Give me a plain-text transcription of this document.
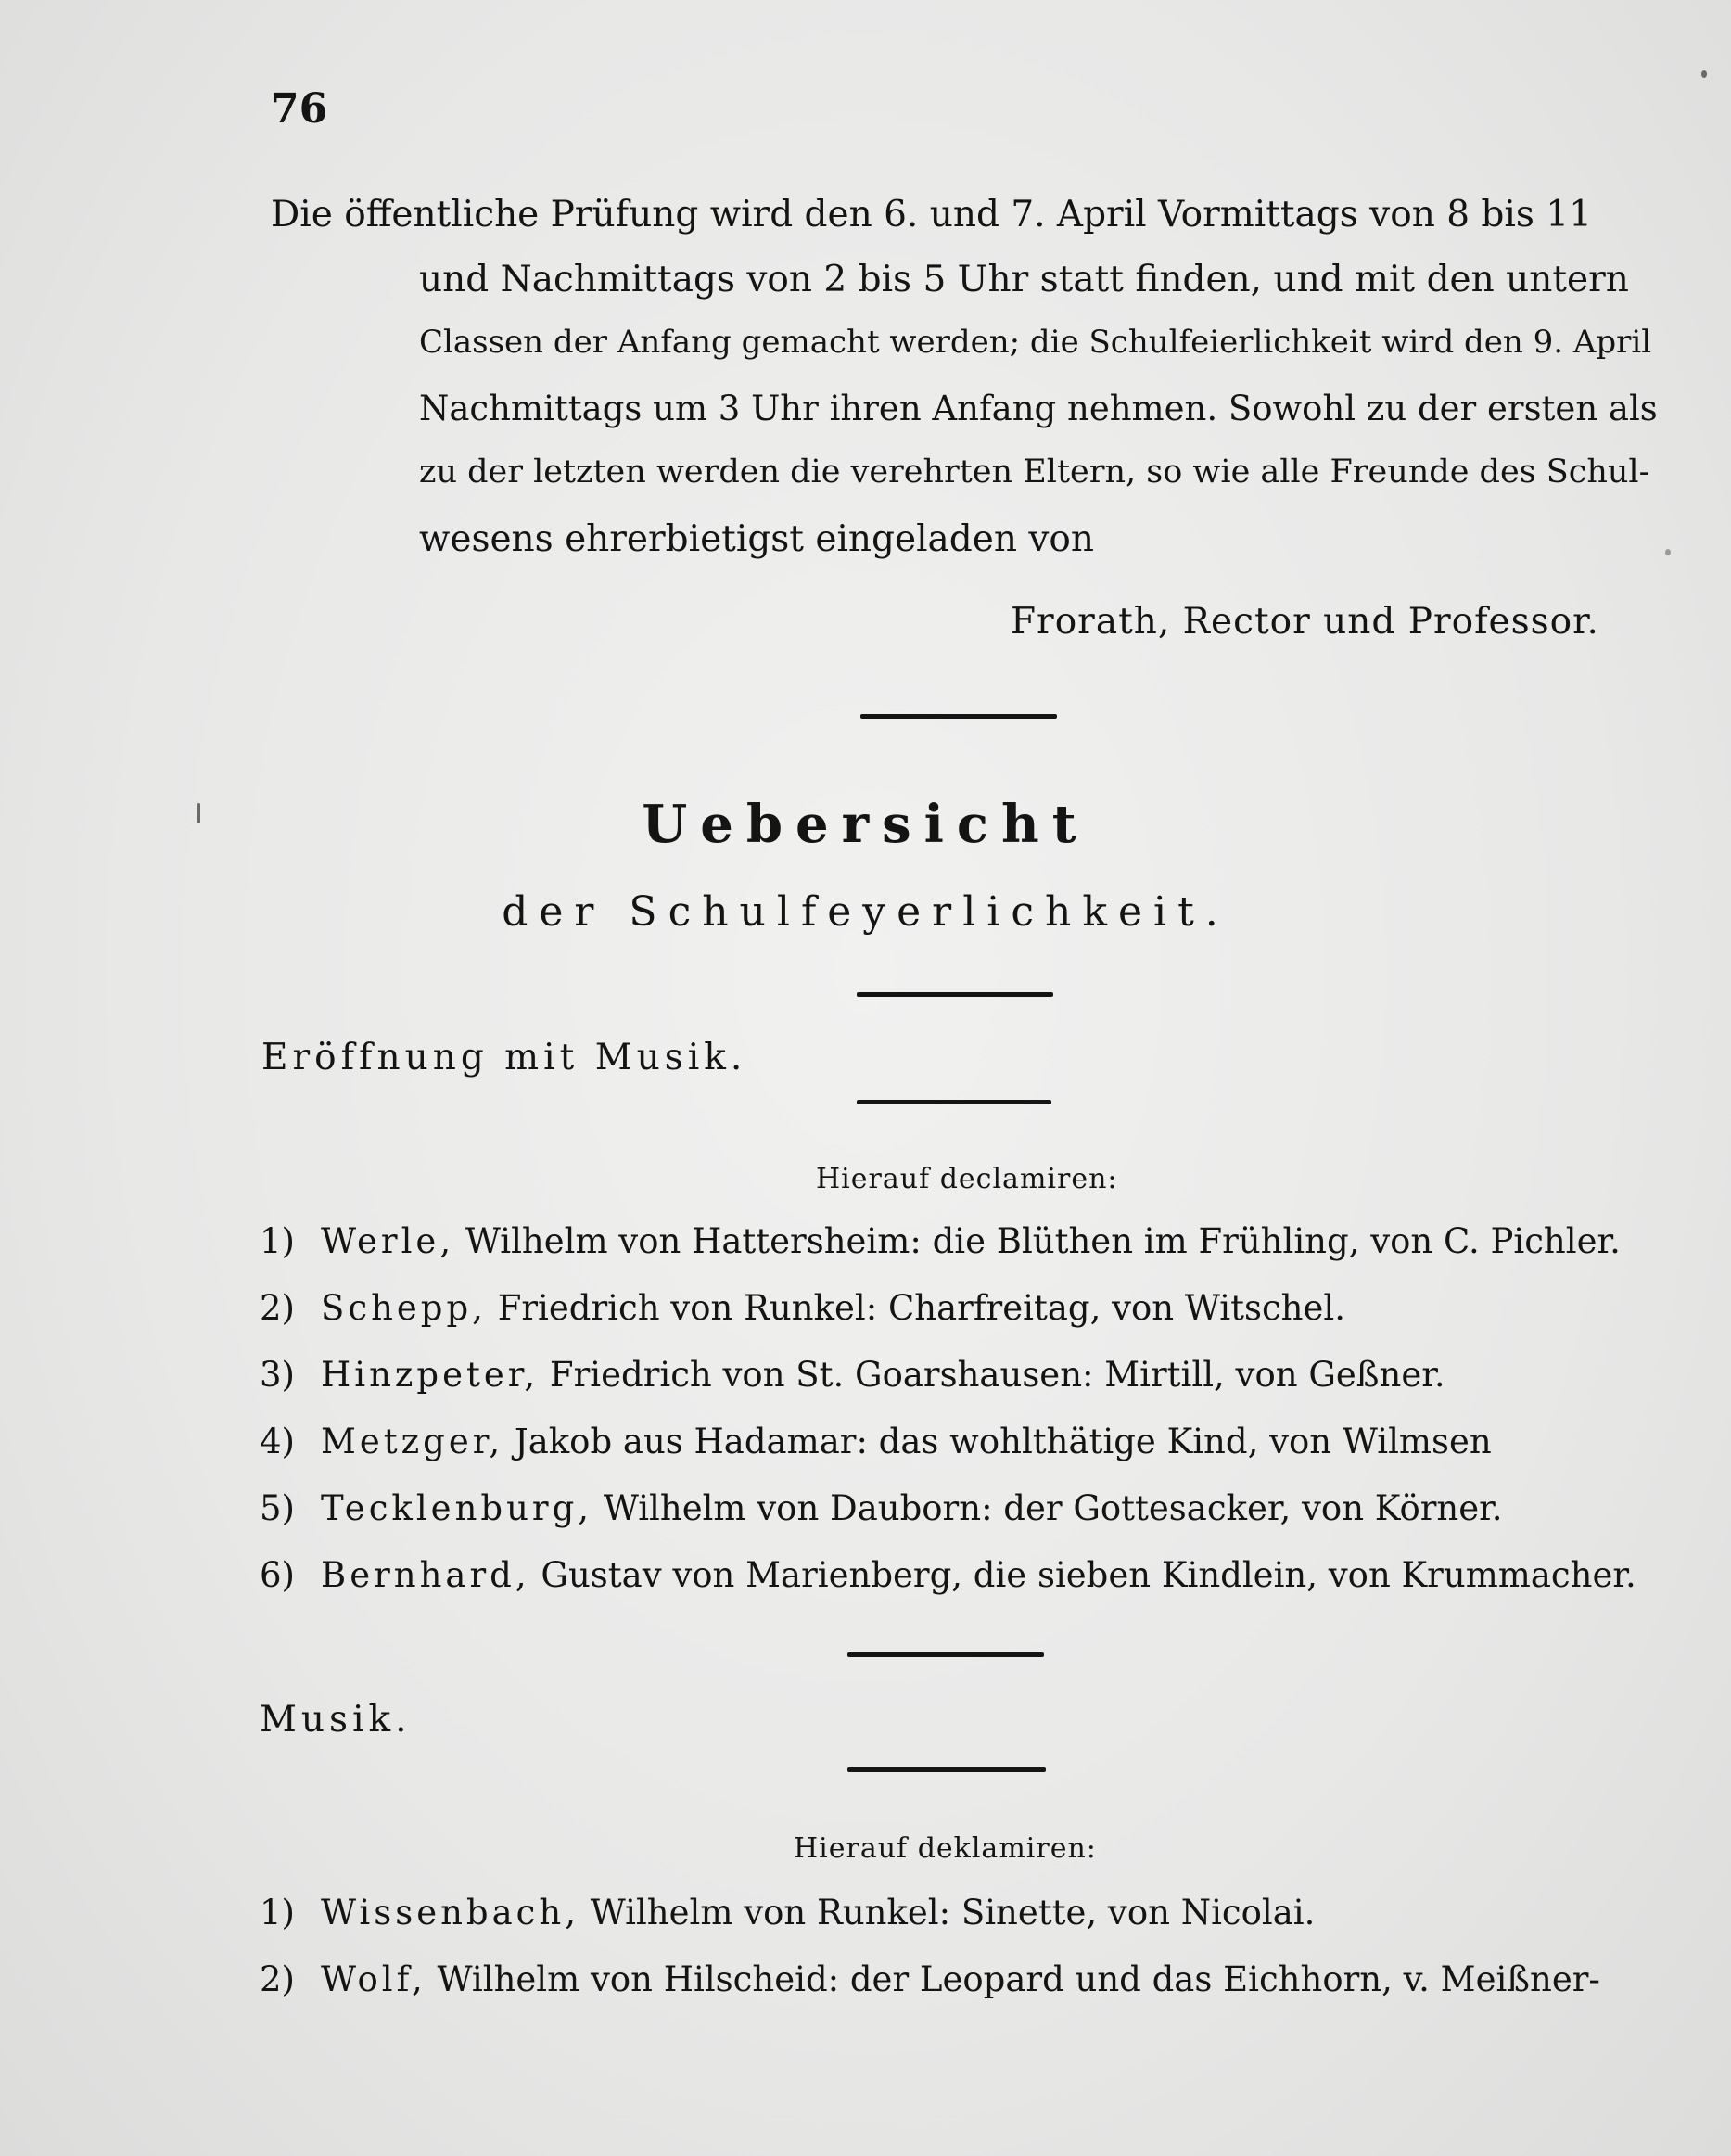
76
Die öffentliche Prüfung wird den 6. und 7. April Vormittags von 8 bis 11
und Nachmittags von 2 bis 5 Uhr statt finden, und mit den untern
Classen der Anfang gemacht werden; die Schulfeierlichkeit wird den 9. April
Nachmittags um 3 Uhr ihren Anfang nehmen. Sowohl zu der ersten als
zu der letzten werden die verehrten Eltern, so wie alle Freunde des Schul-
wesens ehrerbietigst eingeladen von
Frorath, Rector und Professor.
Uebersicht
der Schulfeyerlichkeit.
Eröffnung mit Musik.
Hierauf declamiren:
1) Werle, Wilhelm von Hattersheim: die Blüthen im Frühling, von C. Pichler.
2) Schepp, Friedrich von Runkel: Charfreitag, von Witschel.
3) Hinzpeter, Friedrich von St. Goarshausen: Mirtill, von Geßner.
4) Metzger, Jakob aus Hadamar: das wohlthätige Kind, von Wilmsen
5) Tecklenburg, Wilhelm von Dauborn: der Gottesacker, von Körner.
6) Bernhard, Gustav von Marienberg, die sieben Kindlein, von Krummacher.
Musik.
Hierauf deklamiren:
1) Wissenbach, Wilhelm von Runkel: Sinette, von Nicolai.
2) Wolf, Wilhelm von Hilscheid: der Leopard und das Eichhorn, v. Meißner-
